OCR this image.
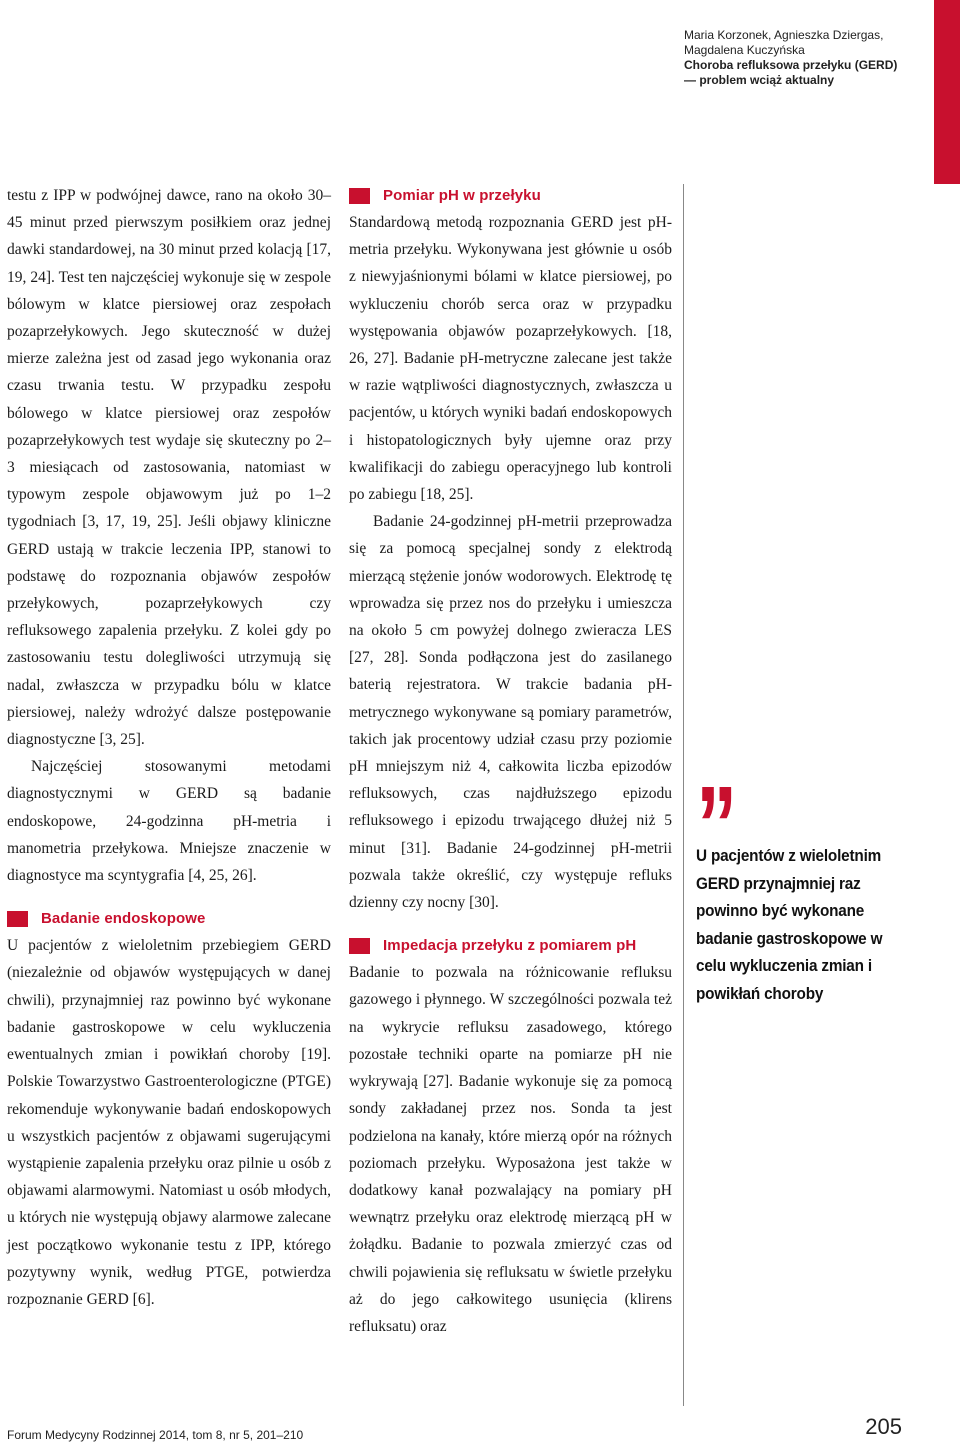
Maria Korzonek, Agnieszka Dziergas,
Magdalena Kuczyńska
Choroba refluksowa przełyku (GERD)
— problem wciąż aktualny

testu z IPP w podwójnej dawce, rano na około 30–45 minut przed pierwszym posiłkiem oraz jednej dawki standardowej, na 30 minut przed kolacją [17, 19, 24]. Test ten najczęściej wykonuje się w zespole bólowym w klatce piersiowej oraz zespołach pozaprzełykowych. Jego skuteczność w dużej mierze zależna jest od zasad jego wykonania oraz czasu trwania testu. W przypadku zespołu bólowego w klatce piersiowej oraz zespołów pozaprzełykowych test wydaje się skuteczny po 2–3 miesiącach od zastosowania, natomiast w typowym zespole objawowym już po 1–2 tygodniach [3, 17, 19, 25]. Jeśli objawy kliniczne GERD ustają w trakcie leczenia IPP, stanowi to podstawę do rozpoznania objawów zespołów przełykowych, pozaprzełykowych czy refluksowego zapalenia przełyku. Z kolei gdy po zastosowaniu testu dolegliwości utrzymują się nadal, zwłaszcza w przypadku bólu w klatce piersiowej, należy wdrożyć dalsze postępowanie diagnostyczne [3, 25].

Najczęściej stosowanymi metodami diagnostycznymi w GERD są badanie endoskopowe, 24-godzinna pH-metria i manometria przełykowa. Mniejsze znaczenie w diagnostyce ma scyntygrafia [4, 25, 26].

Badanie endoskopowe

U pacjentów z wieloletnim przebiegiem GERD (niezależnie od objawów występujących w danej chwili), przynajmniej raz powinno być wykonane badanie gastroskopowe w celu wykluczenia ewentualnych zmian i powikłań choroby [19]. Polskie Towarzystwo Gastroenterologiczne (PTGE) rekomenduje wykonywanie badań endoskopowych u wszystkich pacjentów z objawami sugerującymi wystąpienie zapalenia przełyku oraz pilnie u osób z objawami alarmowymi. Natomiast u osób młodych, u których nie występują objawy alarmowe zalecane jest początkowo wykonanie testu z IPP, którego pozytywny wynik, według PTGE, potwierdza rozpoznanie GERD [6].

Pomiar pH w przełyku

Standardową metodą rozpoznania GERD jest pH-metria przełyku. Wykonywana jest głównie u osób z niewyjaśnionymi bólami w klatce piersiowej, po wykluczeniu chorób serca oraz w przypadku występowania objawów pozaprzełykowych. [18, 26, 27]. Badanie pH-metryczne zalecane jest także w razie wątpliwości diagnostycznych, zwłaszcza u pacjentów, u których wyniki badań endoskopowych i histopatologicznych były ujemne oraz przy kwalifikacji do zabiegu operacyjnego lub kontroli po zabiegu [18, 25].

Badanie 24-godzinnej pH-metrii przeprowadza się za pomocą specjalnej sondy z elektrodą mierzącą stężenie jonów wodorowych. Elektrodę tę wprowadza się przez nos do przełyku i umieszcza na około 5 cm powyżej dolnego zwieracza LES [27, 28]. Sonda podłączona jest do zasilanego baterią rejestratora. W trakcie badania pH-metrycznego wykonywane są pomiary parametrów, takich jak procentowy udział czasu przy poziomie pH mniejszym niż 4, całkowita liczba epizodów refluksowych, czas najdłuższego epizodu refluksowego i epizodu trwającego dłużej niż 5 minut [31]. Badanie 24-godzinnej pH-metrii pozwala także określić, czy występuje refluks dzienny czy nocny [30].

Impedacja przełyku z pomiarem pH

Badanie to pozwala na różnicowanie refluksu gazowego i płynnego. W szczególności pozwala też na wykrycie refluksu zasadowego, którego pozostałe techniki oparte na pomiarze pH nie wykrywają [27]. Badanie wykonuje się za pomocą sondy zakładanej przez nos. Sonda ta jest podzielona na kanały, które mierzą opór na różnych poziomach przełyku. Wyposażona jest także w dodatkowy kanał pozwalający na pomiary pH wewnątrz przełyku oraz elektrodę mierzącą pH w żołądku. Badanie to pozwala zmierzyć czas od chwili pojawienia się refluksatu w świetle przełyku aż do jego całkowitego usunięcia (klirens refluksatu) oraz

”
U pacjentów z wieloletnim GERD przynajmniej raz powinno być wykonane badanie gastroskopowe w celu wykluczenia zmian i powikłań choroby
Forum Medycyny Rodzinnej 2014, tom 8, nr 5, 201–210	205
